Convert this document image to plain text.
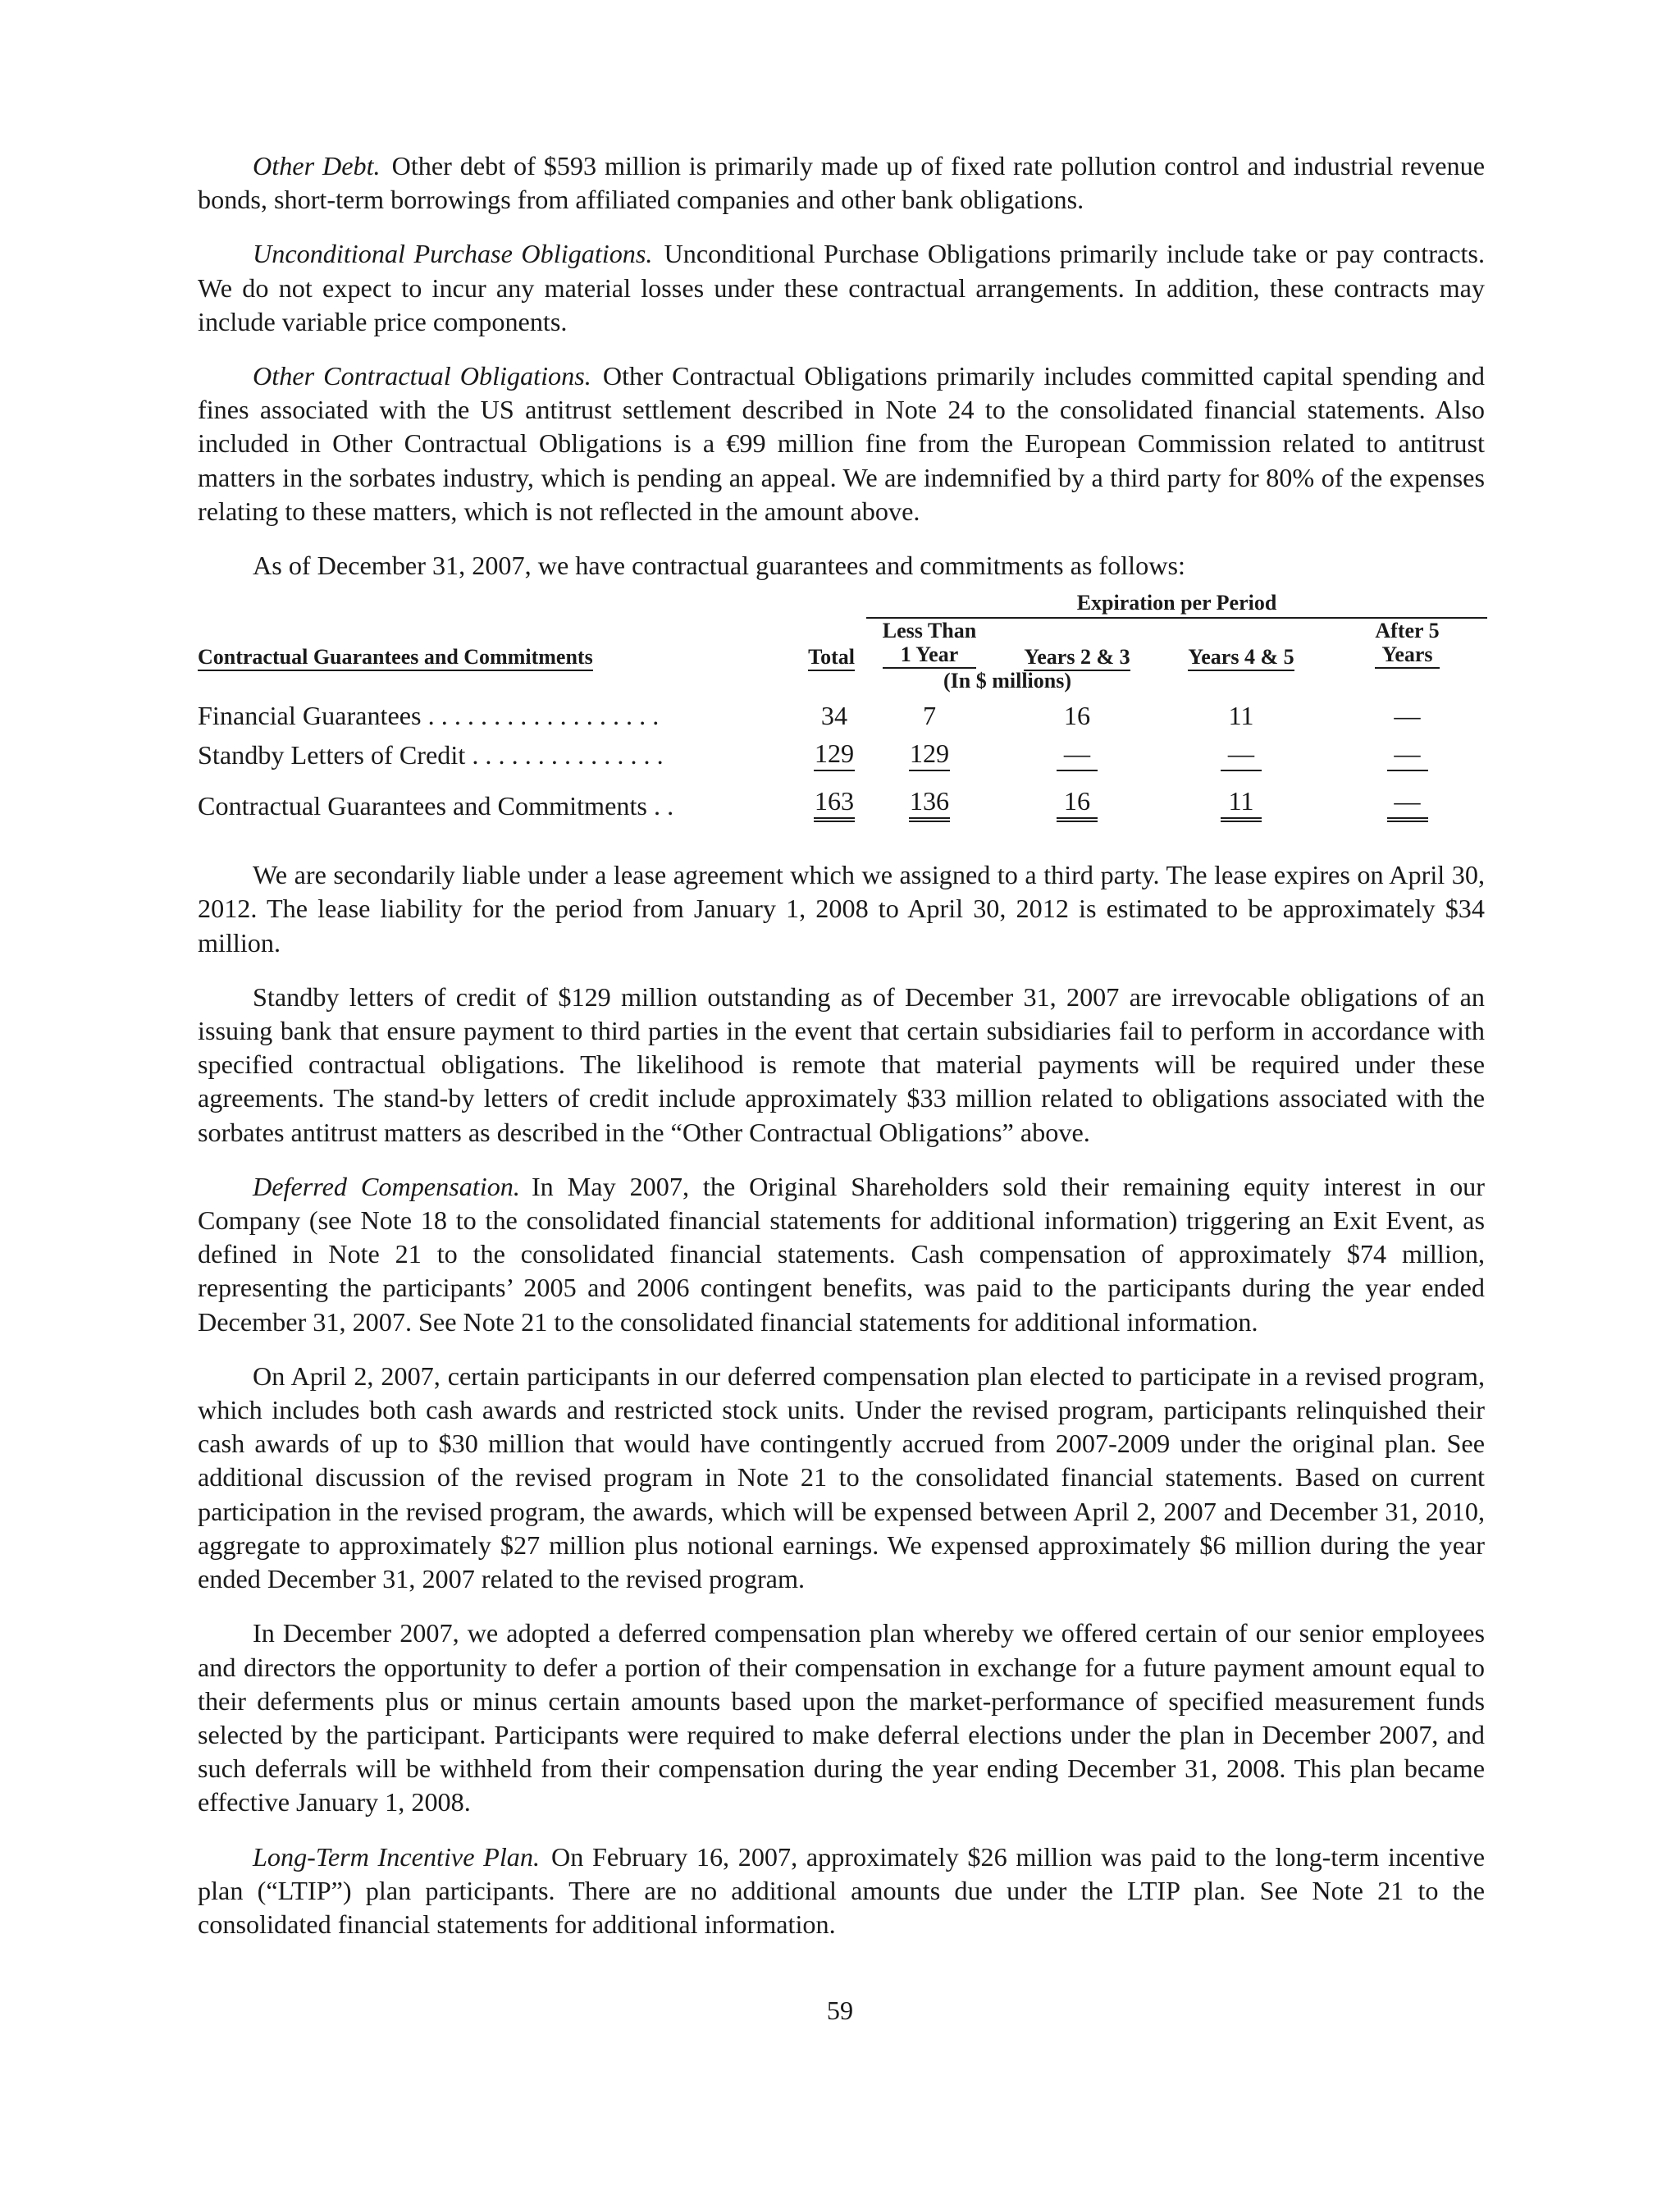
Other Debt. Other debt of $593 million is primarily made up of fixed rate pollution control and industrial revenue bonds, short-term borrowings from affiliated companies and other bank obligations.

Unconditional Purchase Obligations. Unconditional Purchase Obligations primarily include take or pay contracts. We do not expect to incur any material losses under these contractual arrangements. In addition, these contracts may include variable price components.

Other Contractual Obligations. Other Contractual Obligations primarily includes committed capital spending and fines associated with the US antitrust settlement described in Note 24 to the consolidated financial statements. Also included in Other Contractual Obligations is a €99 million fine from the European Commission related to antitrust matters in the sorbates industry, which is pending an appeal. We are indemnified by a third party for 80% of the expenses relating to these matters, which is not reflected in the amount above.

As of December 31, 2007, we have contractual guarantees and commitments as follows:

		Expiration per Period			

Contractual Guarantees and Commitments	Total	Less Than
1 Year	Years 2 & 3	Years 4 & 5	After 5
Years

		(In $ millions)			
Financial Guarantees . . . . . . . . . . . . . . . . . .	34	7	16	11	—
Standby Letters of Credit . . . . . . . . . . . . . . .	129	129	—	—	—
Contractual Guarantees and Commitments . .	163	136	16	11	—

We are secondarily liable under a lease agreement which we assigned to a third party. The lease expires on April 30, 2012. The lease liability for the period from January 1, 2008 to April 30, 2012 is estimated to be approximately $34 million.

Standby letters of credit of $129 million outstanding as of December 31, 2007 are irrevocable obligations of an issuing bank that ensure payment to third parties in the event that certain subsidiaries fail to perform in accordance with specified contractual obligations. The likelihood is remote that material payments will be required under these agreements. The stand-by letters of credit include approximately $33 million related to obligations associated with the sorbates antitrust matters as described in the “Other Contractual Obligations” above.

Deferred Compensation. In May 2007, the Original Shareholders sold their remaining equity interest in our Company (see Note 18 to the consolidated financial statements for additional information) triggering an Exit Event, as defined in Note 21 to the consolidated financial statements. Cash compensation of approximately $74 million, representing the participants’ 2005 and 2006 contingent benefits, was paid to the participants during the year ended December 31, 2007. See Note 21 to the consolidated financial statements for additional information.

On April 2, 2007, certain participants in our deferred compensation plan elected to participate in a revised program, which includes both cash awards and restricted stock units. Under the revised program, participants relinquished their cash awards of up to $30 million that would have contingently accrued from 2007-2009 under the original plan. See additional discussion of the revised program in Note 21 to the consolidated financial statements. Based on current participation in the revised program, the awards, which will be expensed between April 2, 2007 and December 31, 2010, aggregate to approximately $27 million plus notional earnings. We expensed approximately $6 million during the year ended December 31, 2007 related to the revised program.

In December 2007, we adopted a deferred compensation plan whereby we offered certain of our senior employees and directors the opportunity to defer a portion of their compensation in exchange for a future payment amount equal to their deferments plus or minus certain amounts based upon the market-performance of specified measurement funds selected by the participant. Participants were required to make deferral elections under the plan in December 2007, and such deferrals will be withheld from their compensation during the year ending December 31, 2008. This plan became effective January 1, 2008.

Long-Term Incentive Plan. On February 16, 2007, approximately $26 million was paid to the long-term incentive plan (“LTIP”) plan participants. There are no additional amounts due under the LTIP plan. See Note 21 to the consolidated financial statements for additional information.

59
